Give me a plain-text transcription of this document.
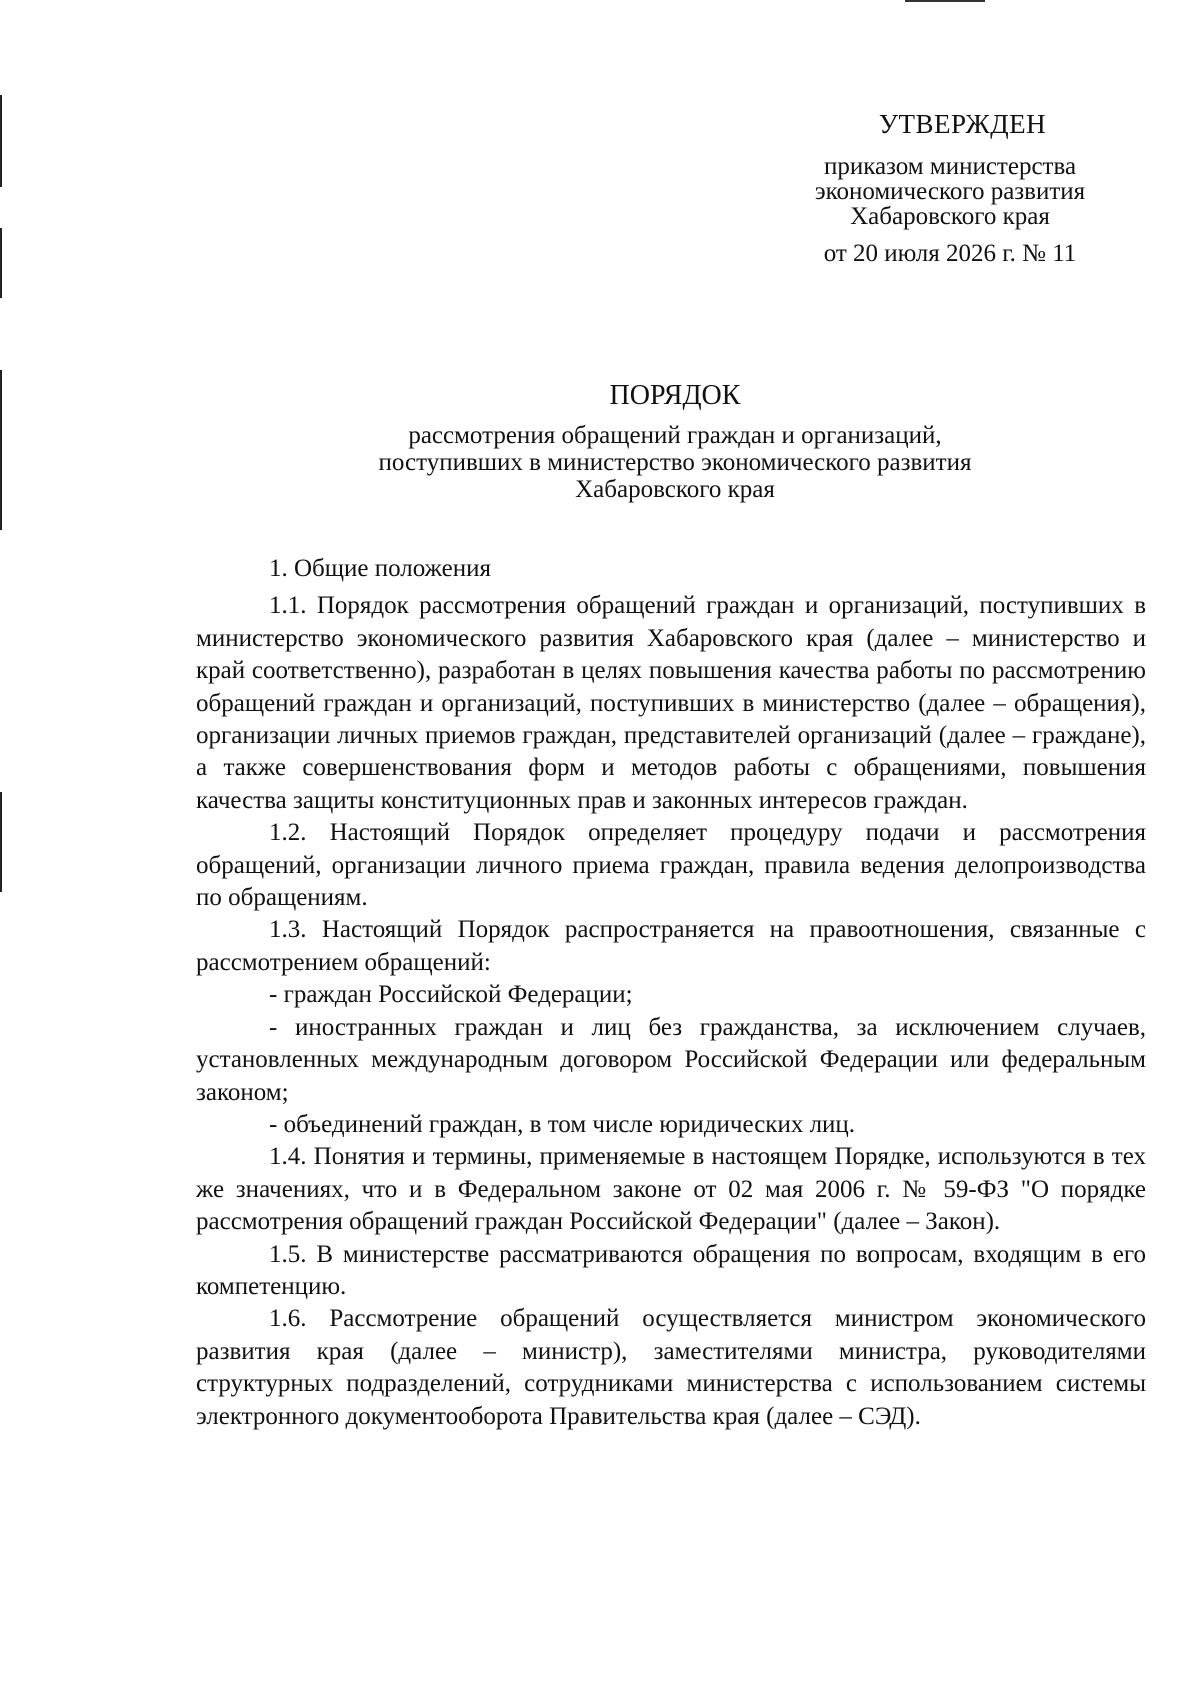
УТВЕРЖДЕН
приказом министерства
экономического развития
Хабаровского края
от 20 июля 2026 г. № 11
ПОРЯДОК
рассмотрения обращений граждан и организаций,
поступивших в министерство экономического развития
Хабаровского края

1. Общие положения

1.1. Порядок рассмотрения обращений граждан и организаций, поступивших в министерство экономического развития Хабаровского края (далее – министерство и край соответственно), разработан в целях повышения качества работы по рассмотрению обращений граждан и организаций, поступивших в министерство (далее – обращения), организации личных приемов граждан, представителей организаций (далее – граждане), а также совершенствования форм и методов работы с обращениями, повышения качества защиты конституционных прав и законных интересов граждан.

1.2. Настоящий Порядок определяет процедуру подачи и рассмотрения обращений, организации личного приема граждан, правила ведения делопроизводства по обращениям.

1.3. Настоящий Порядок распространяется на правоотношения, связанные с рассмотрением обращений:

- граждан Российской Федерации;

- иностранных граждан и лиц без гражданства, за исключением случаев, установленных международным договором Российской Федерации или федеральным законом;

- объединений граждан, в том числе юридических лиц.

1.4. Понятия и термины, применяемые в настоящем Порядке, используются в тех же значениях, что и в Федеральном законе от 02 мая 2006 г. № 59-ФЗ "О порядке рассмотрения обращений граждан Российской Федерации" (далее – Закон).

1.5. В министерстве рассматриваются обращения по вопросам, входящим в его компетенцию.

1.6. Рассмотрение обращений осуществляется министром экономического развития края (далее – министр), заместителями министра, руководителями структурных подразделений, сотрудниками министерства с использованием системы электронного документооборота Правительства края (далее – СЭД).
